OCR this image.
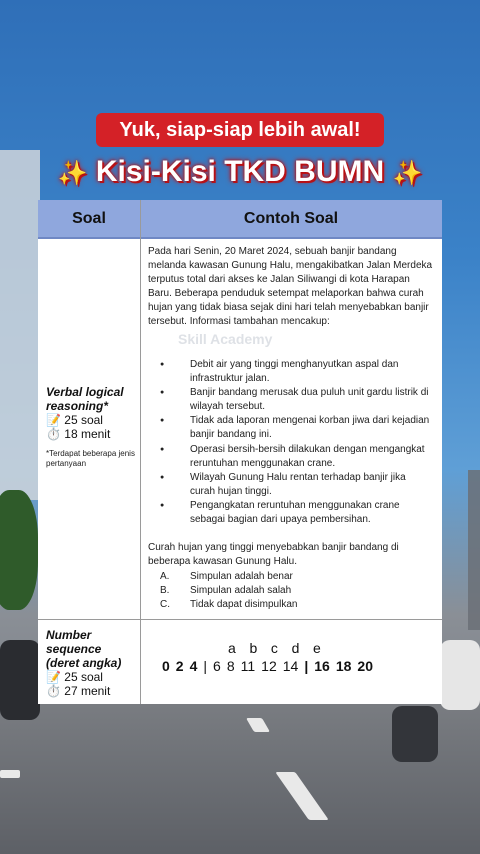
Yuk, siap-siap lebih awal!
✨ Kisi-Kisi TKD BUMN ✨
Soal	Contoh Soal
Skill Academy
Verbal logical reasoning*
📝 25 soal
⏱️ 18 menit
*Terdapat beberapa jenis pertanyaan
Pada hari Senin, 20 Maret 2024, sebuah banjir bandang melanda kawasan Gunung Halu, mengakibatkan Jalan Merdeka terputus total dari akses ke Jalan Siliwangi di kota Harapan Baru. Beberapa penduduk setempat melaporkan bahwa curah hujan yang tidak biasa sejak dini hari telah menyebabkan banjir tersebut. Informasi tambahan mencakup:
● Debit air yang tinggi menghanyutkan aspal dan infrastruktur jalan.
● Banjir bandang merusak dua puluh unit gardu listrik di wilayah tersebut.
● Tidak ada laporan mengenai korban jiwa dari kejadian banjir bandang ini.
● Operasi bersih-bersih dilakukan dengan mengangkat reruntuhan menggunakan crane.
● Wilayah Gunung Halu rentan terhadap banjir jika curah hujan tinggi.
● Pengangkatan reruntuhan menggunakan crane sebagai bagian dari upaya pembersihan.
Curah hujan yang tinggi menyebabkan banjir bandang di beberapa kawasan Gunung Halu.
A. Simpulan adalah benar
B. Simpulan adalah salah
C. Tidak dapat disimpulkan
Number sequence (deret angka)
📝 25 soal
⏱️ 27 menit
a   b   c   d   e
0 2 4 | 6 8 11 12 14 | 16 18 20
